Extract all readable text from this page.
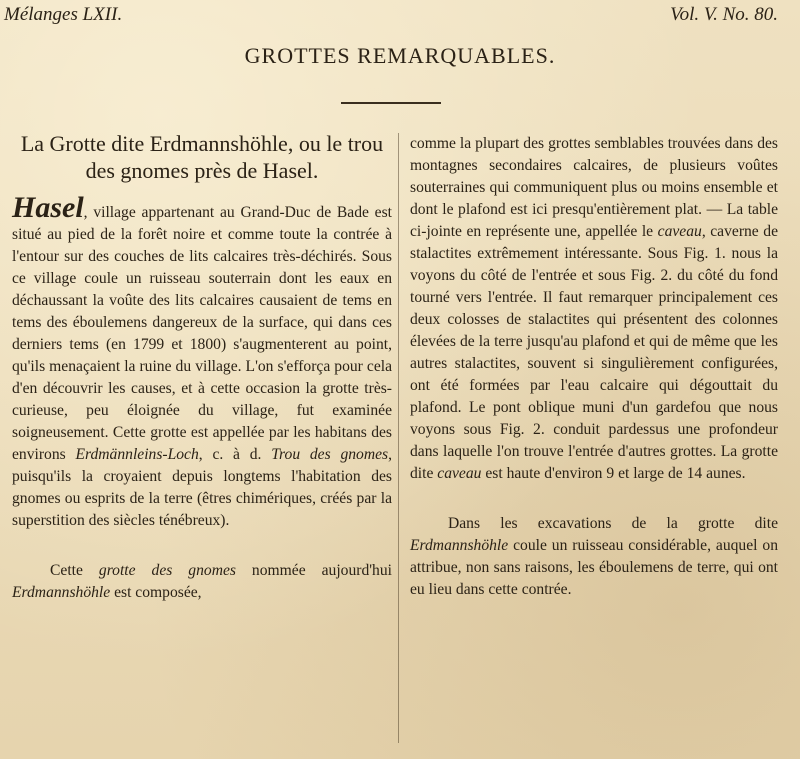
Mélanges LXII.	Vol. V. No. 80.
GROTTES REMARQUABLES.
La Grotte dite Erdmannshöhle, ou le trou des gnomes près de Hasel.

Hasel, village appartenant au Grand-Duc de Bade est situé au pied de la forêt noire et comme toute la contrée à l'entour sur des couches de lits calcaires très-déchirés. Sous ce village coule un ruisseau souterrain dont les eaux en déchaussant la voûte des lits calcaires causaient de tems en tems des éboulemens dangereux de la surface, qui dans ces derniers tems (en 1799 et 1800) s'augmenterent au point, qu'ils menaçaient la ruine du village. L'on s'efforça pour cela d'en découvrir les causes, et à cette occasion la grotte très-curieuse, peu éloignée du village, fut examinée soigneusement. Cette grotte est appellée par les habitans des environs Erdmännleins-Loch, c. à d. Trou des gnomes, puisqu'ils la croyaient depuis longtems l'habitation des gnomes ou esprits de la terre (êtres chimériques, créés par la superstition des siècles ténébreux).

Cette grotte des gnomes nommée aujourd'hui Erdmannshöhle est composée,

comme la plupart des grottes semblables trouvées dans des montagnes secondaires calcaires, de plusieurs voûtes souterraines qui communiquent plus ou moins ensemble et dont le plafond est ici presqu'entièrement plat. — La table ci-jointe en représente une, appellée le caveau, caverne de stalactites extrêmement intéressante. Sous Fig. 1. nous la voyons du côté de l'entrée et sous Fig. 2. du côté du fond tourné vers l'entrée. Il faut remarquer principalement ces deux colosses de stalactites qui présentent des colonnes élevées de la terre jusqu'au plafond et qui de même que les autres stalactites, souvent si singulièrement configurées, ont été formées par l'eau calcaire qui dégouttait du plafond. Le pont oblique muni d'un gardefou que nous voyons sous Fig. 2. conduit pardessus une profondeur dans laquelle l'on trouve l'entrée d'autres grottes. La grotte dite caveau est haute d'environ 9 et large de 14 aunes.

Dans les excavations de la grotte dite Erdmannshöhle coule un ruisseau considérable, auquel on attribue, non sans raisons, les éboulemens de terre, qui ont eu lieu dans cette contrée.
